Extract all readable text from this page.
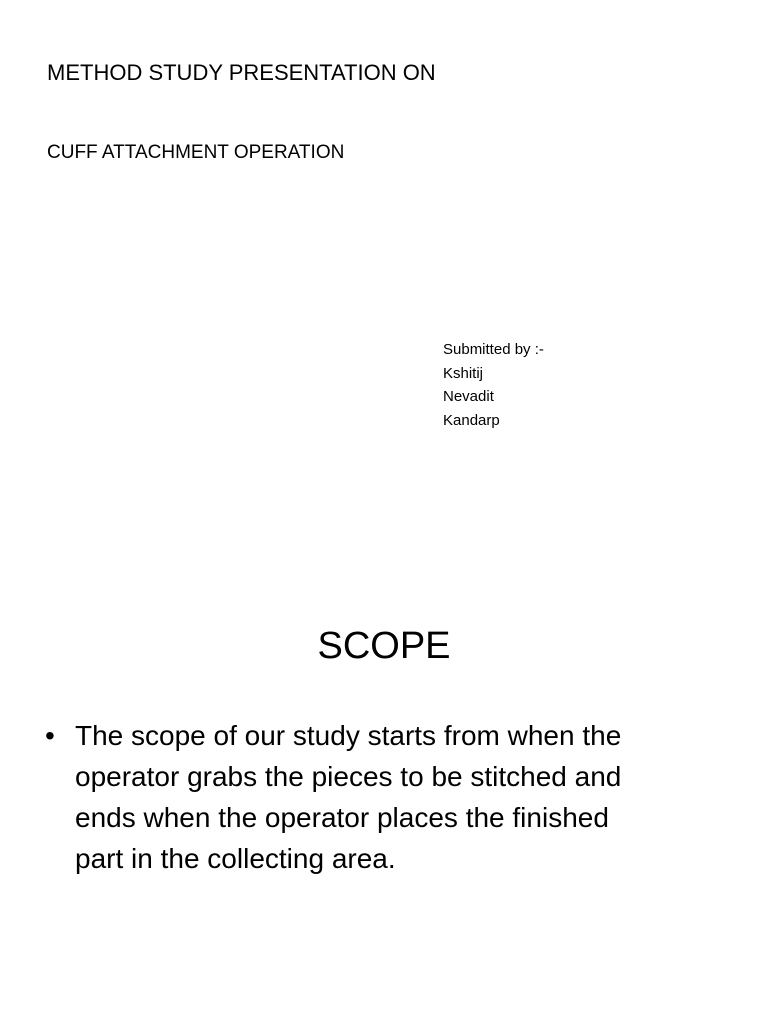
METHOD STUDY PRESENTATION ON
CUFF ATTACHMENT OPERATION
Submitted by :-
Kshitij
Nevadit
Kandarp
SCOPE
• The scope of our study starts from when the
operator grabs the pieces to be stitched and
ends when the operator places the finished
part in the collecting area.
